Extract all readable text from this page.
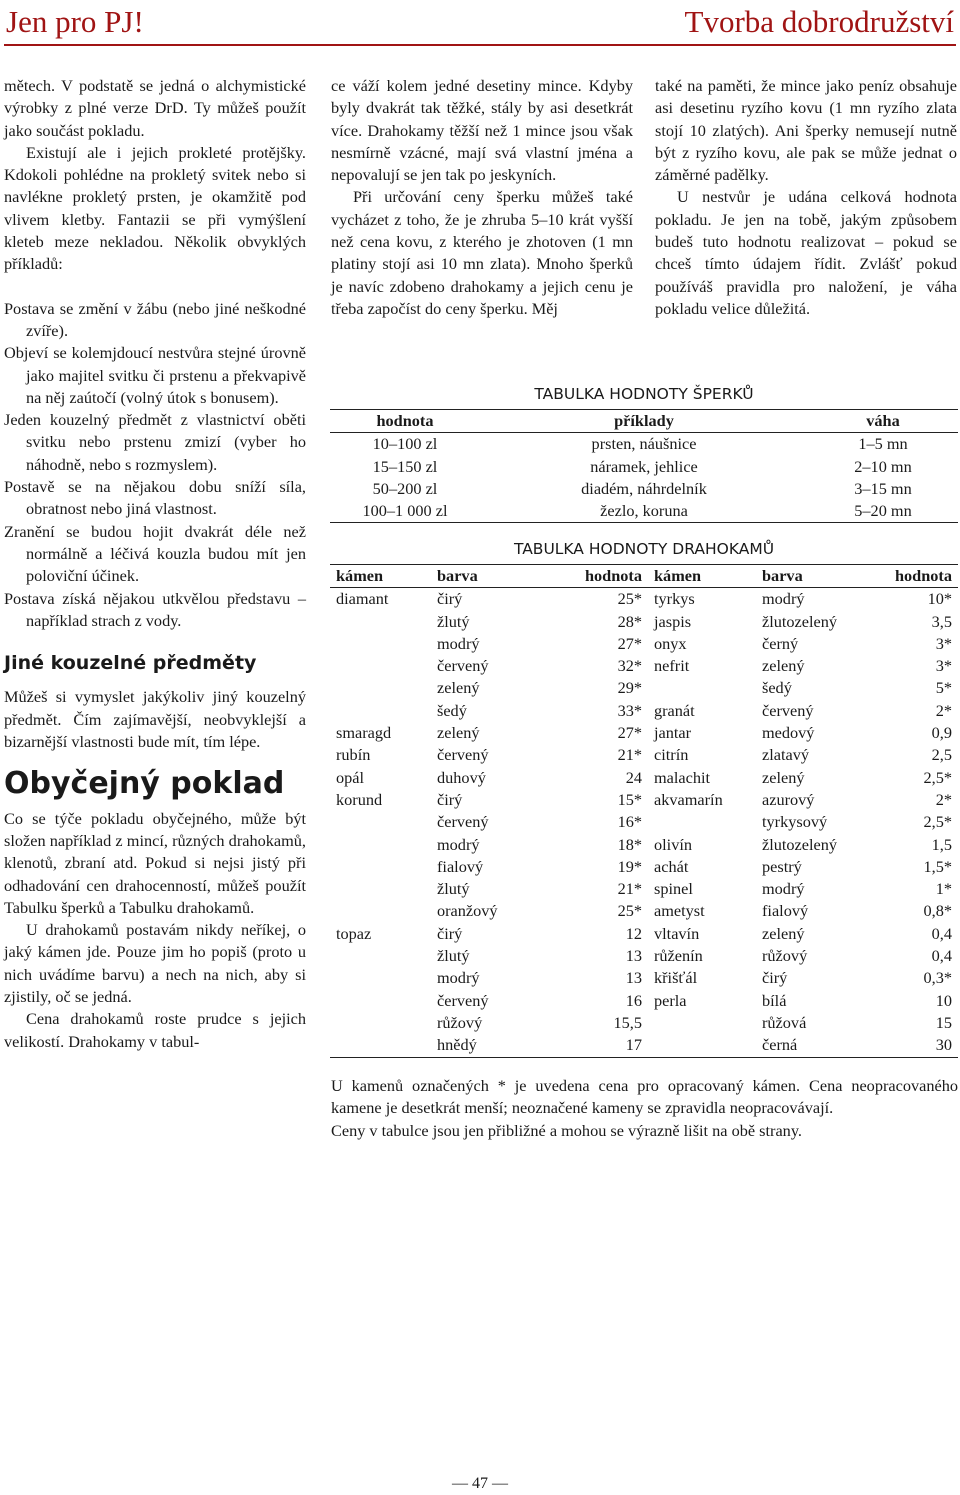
Jen pro PJ!	Tvorba dobrodružství

mětech. V podstatě se jedná o alchymistické výrobky z plné verze DrD. Ty můžeš použít jako součást pokladu.

Existují ale i jejich prokleté protějšky. Kdokoli pohlédne na prokletý svitek nebo si navlékne prokletý prsten, je okamžitě pod vlivem kletby. Fantazii se při vymýšlení kleteb meze nekladou. Několik obvyklých příkladů:

Postava se změní v žábu (nebo jiné neškodné zvíře).

Objeví se kolemjdoucí nestvůra stejné úrovně jako majitel svitku či prstenu a překvapivě na něj zaútočí (volný útok s bonusem).

Jeden kouzelný předmět z vlastnictví oběti svitku nebo prstenu zmizí (vyber ho náhodně, nebo s rozmyslem).

Postavě se na nějakou dobu sníží síla, obratnost nebo jiná vlastnost.

Zranění se budou hojit dvakrát déle než normálně a léčivá kouzla budou mít jen poloviční účinek.

Postava získá nějakou utkvělou představu – například strach z vody.

Jiné kouzelné předměty

Můžeš si vymyslet jakýkoliv jiný kouzelný předmět. Čím zajímavější, neobvyklejší a bizarnější vlastnosti bude mít, tím lépe.

Obyčejný poklad

Co se týče pokladu obyčejného, může být složen například z mincí, různých drahokamů, klenotů, zbraní atd. Pokud si nejsi jistý při odhadování cen drahocenností, můžeš použít Tabulku šperků a Tabulku drahokamů.

U drahokamů postavám nikdy neříkej, o jaký kámen jde. Pouze jim ho popiš (proto u nich uvádíme barvu) a nech na nich, aby si zjistily, oč se jedná.

Cena drahokamů roste prudce s jejich velikostí. Drahokamy v tabul-

ce váží kolem jedné desetiny mince. Kdyby byly dvakrát tak těžké, stály by asi desetkrát více. Drahokamy těžší než 1 mince jsou však nesmírně vzácné, mají svá vlastní jména a nepovalují se jen tak po jeskyních.

Při určování ceny šperku můžeš také vycházet z toho, že je zhruba 5–10 krát vyšší než cena kovu, z kterého je zhotoven (1 mn platiny stojí asi 10 mn zlata). Mnoho šperků je navíc zdobeno drahokamy a jejich cenu je třeba započíst do ceny šperku. Měj

také na paměti, že mince jako peníz obsahuje asi desetinu ryzího kovu (1 mn ryzího zlata stojí 10 zlatých). Ani šperky nemusejí nutně být z ryzího kovu, ale pak se může jednat o záměrné padělky.

U nestvůr je udána celková hodnota pokladu. Je jen na tobě, jakým způsobem budeš tuto hodnotu realizovat – pokud se chceš tímto údajem řídit. Zvlášť pokud používáš pravidla pro naložení, je váha pokladu velice důležitá.

TABULKA HODNOTY ŠPERKŮ
hodnota	příklady	váha
10–100 zl	prsten, náušnice	1–5 mn
15–150 zl	náramek, jehlice	2–10 mn
50–200 zl	diadém, náhrdelník	3–15 mn
100–1 000 zl	žezlo, koruna	5–20 mn
TABULKA HODNOTY DRAHOKAMŮ
kámen	barva	hodnota	kámen	barva	hodnota
diamant	čirý	25*	tyrkys	modrý	10*
	žlutý	28*	jaspis	žlutozelený	3,5
	modrý	27*	onyx	černý	3*
	červený	32*	nefrit	zelený	3*
	zelený	29*		šedý	5*
	šedý	33*	granát	červený	2*
smaragd	zelený	27*	jantar	medový	0,9
rubín	červený	21*	citrín	zlatavý	2,5
opál	duhový	24	malachit	zelený	2,5*
korund	čirý	15*	akvamarín	azurový	2*
	červený	16*		tyrkysový	2,5*
	modrý	18*	olivín	žlutozelený	1,5
	fialový	19*	achát	pestrý	1,5*
	žlutý	21*	spinel	modrý	1*
	oranžový	25*	ametyst	fialový	0,8*
topaz	čirý	12	vltavín	zelený	0,4
	žlutý	13	růženín	růžový	0,4
	modrý	13	křišťál	čirý	0,3*
	červený	16	perla	bílá	10
	růžový	15,5		růžová	15
	hnědý	17		černá	30

U kamenů označených * je uvedena cena pro opracovaný kámen. Cena neopracovaného kamene je desetkrát menší; neoznačené kameny se zpravidla neopracovávají.

Ceny v tabulce jsou jen přibližné a mohou se výrazně lišit na obě strany.

— 47 —
